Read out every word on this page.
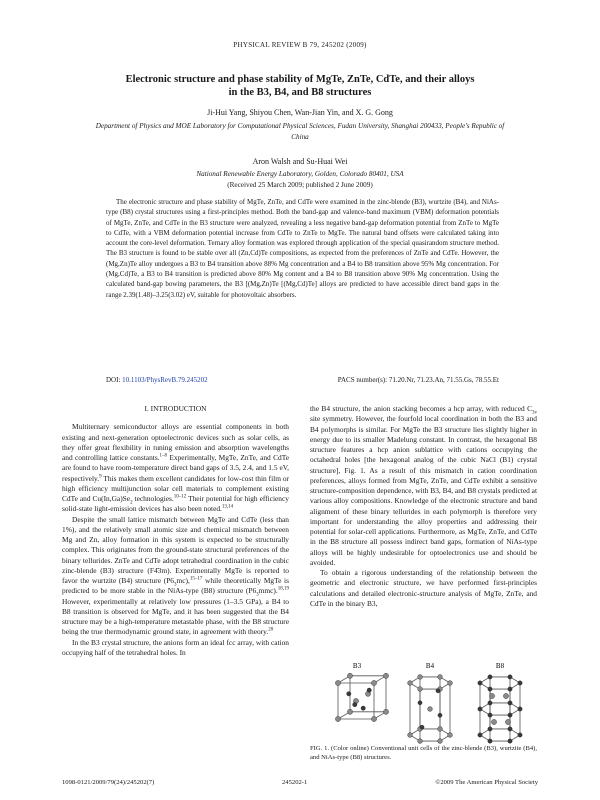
PHYSICAL REVIEW B 79, 245202 (2009)
Electronic structure and phase stability of MgTe, ZnTe, CdTe, and their alloys
in the B3, B4, and B8 structures
Ji-Hui Yang, Shiyou Chen, Wan-Jian Yin, and X. G. Gong
Department of Physics and MOE Laboratory for Computational Physical Sciences, Fudan University, Shanghai 200433, People's Republic of China
Aron Walsh and Su-Huai Wei
National Renewable Energy Laboratory, Golden, Colorado 80401, USA
(Received 25 March 2009; published 2 June 2009)
The electronic structure and phase stability of MgTe, ZnTe, and CdTe were examined in the zinc-blende (B3), wurtzite (B4), and NiAs-type (B8) crystal structures using a first-principles method. Both the band-gap and valence-band maximum (VBM) deformation potentials of MgTe, ZnTe, and CdTe in the B3 structure were analyzed, revealing a less negative band-gap deformation potential from ZnTe to MgTe to CdTe, with a VBM deformation potential increase from CdTe to ZnTe to MgTe. The natural band offsets were calculated taking into account the core-level deformation. Ternary alloy formation was explored through application of the special quasirandom structure method. The B3 structure is found to be stable over all (Zn,Cd)Te compositions, as expected from the preferences of ZnTe and CdTe. However, the (Mg,Zn)Te alloy undergoes a B3 to B4 transition above 88% Mg concentration and a B4 to B8 transition above 95% Mg concentration. For (Mg,Cd)Te, a B3 to B4 transition is predicted above 80% Mg content and a B4 to B8 transition above 90% Mg concentration. Using the calculated band-gap bowing parameters, the B3 [(Mg,Zn)Te [(Mg,Cd)Te] alloys are predicted to have accessible direct band gaps in the range 2.39(1.48)–3.25(3.02) eV, suitable for photovoltaic absorbers.
DOI: 10.1103/PhysRevB.79.245202	PACS number(s): 71.20.Nr, 71.23.An, 71.55.Gs, 78.55.Et
I. INTRODUCTION

Multiternary semiconductor alloys are essential components in both existing and next-generation optoelectronic devices such as solar cells, as they offer great flexibility in tuning emission and absorption wavelengths and controlling lattice constants.$^{1-8}$ Experimentally, MgTe, ZnTe, and CdTe are found to have room-temperature direct band gaps of 3.5, 2.4, and 1.5 eV, respectively.$^9$ This makes them excellent candidates for low-cost thin film or high efficiency multijunction solar cell materials to complement existing CdTe and $Cu(In,Ga)Se_2$ technologies.$^{10-12}$ Their potential for high efficiency solid-state light-emission devices has also been noted.$^{13,14}$

Despite the small lattice mismatch between MgTe and CdTe (less than 1%), and the relatively small atomic size and chemical mismatch between Mg and Zn, alloy formation in this system is expected to be structurally complex. This originates from the ground-state structural preferences of the binary tellurides. ZnTe and CdTe adopt tetrahedral coordination in the cubic zinc-blende (B3) structure (F4̄3m). Experimentally MgTe is reported to favor the wurtzite (B4) structure $(P6_3mc),^{15-17}$ while theoretically MgTe is predicted to be more stable in the NiAs-type (B8) structure $(P6_3mmc).^{18,19}$ However, experimentally at relatively low pressures (1–3.5 GPa), a B4 to B8 transition is observed for MgTe, and it has been suggested that the B4 structure may be a high-temperature metastable phase, with the B8 structure being the true thermodynamic ground state, in agreement with theory.$^{20}$

In the B3 crystal structure, the anions form an ideal fcc array, with cation occupying half of the tetrahedral holes. In

the B4 structure, the anion stacking becomes a hcp array, with reduced $C_{3v}$ site symmetry. However, the fourfold local coordination in both the B3 and B4 polymorphs is similar. For MgTe the B3 structure lies slightly higher in energy due to its smaller Madelung constant. In contrast, the hexagonal B8 structure features a hcp anion sublattice with cations occupying the octahedral holes [the hexagonal analog of the cubic NaCl (B1) crystal structure], Fig. 1. As a result of this mismatch in cation coordination preferences, alloys formed from MgTe, ZnTe, and CdTe exhibit a sensitive structure-composition dependence, with B3, B4, and B8 crystals predicted at various alloy compositions. Knowledge of the electronic structure and band alignment of these binary tellurides in each polymorph is therefore very important for understanding the alloy properties and addressing their potential for solar-cell applications. Furthermore, as MgTe, ZnTe, and CdTe in the B8 structure all possess indirect band gaps, formation of NiAs-type alloys will be highly undesirable for optoelectronics use and should be avoided.

To obtain a rigorous understanding of the relationship between the geometric and electronic structure, we have performed first-principles calculations and detailed electronic-structure analysis of MgTe, ZnTe, and CdTe in the binary B3,

B3	B4	B8
FIG. 1. (Color online) Conventional unit cells of the zinc-blende (B3), wurtzite (B4), and NiAs-type (B8) structures.
1098-0121/2009/79(24)/245202(7)	245202-1	©2009 The American Physical Society
